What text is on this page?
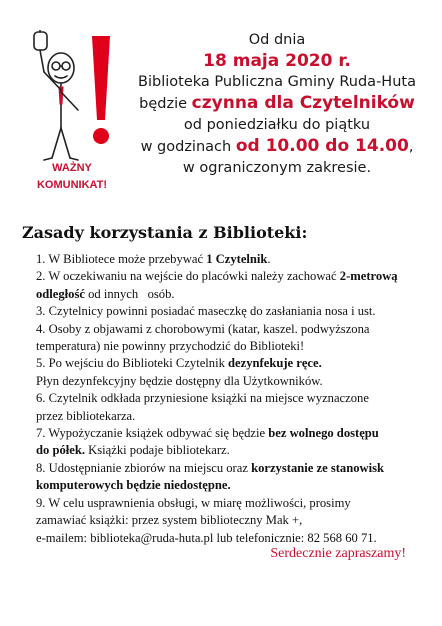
WAŻNY
KOMUNIKAT!
Od dnia
18 maja 2020 r.
Biblioteka Publiczna Gminy Ruda-Huta
będzie czynna dla Czytelników
od poniedziałku do piątku
w godzinach od 10.00 do 14.00,
w ograniczonym zakresie.
Zasady korzystania z Biblioteki:
1. W Bibliotece może przebywać 1 Czytelnik.
2. W oczekiwaniu na wejście do placówki należy zachować 2-metrową
odległość od innych   osób.
3. Czytelnicy powinni posiadać maseczkę do zasłaniania nosa i ust.
4. Osoby z objawami z chorobowymi (katar, kaszel. podwyższona
temperatura) nie powinny przychodzić do Biblioteki!
5. Po wejściu do Biblioteki Czytelnik dezynfekuje ręce.
Płyn dezynfekcyjny będzie dostępny dla Użytkowników.
6. Czytelnik odkłada przyniesione książki na miejsce wyznaczone
przez bibliotekarza.
7. Wypożyczanie książek odbywać się będzie bez wolnego dostępu
do półek. Książki podaje bibliotekarz.
8. Udostępnianie zbiorów na miejscu oraz korzystanie ze stanowisk
komputerowych będzie niedostępne.
9. W celu usprawnienia obsługi, w miarę możliwości, prosimy
zamawiać książki: przez system biblioteczny Mak +,
e-mailem: biblioteka@ruda-huta.pl lub telefonicznie: 82 568 60 71.
Serdecznie zapraszamy!
